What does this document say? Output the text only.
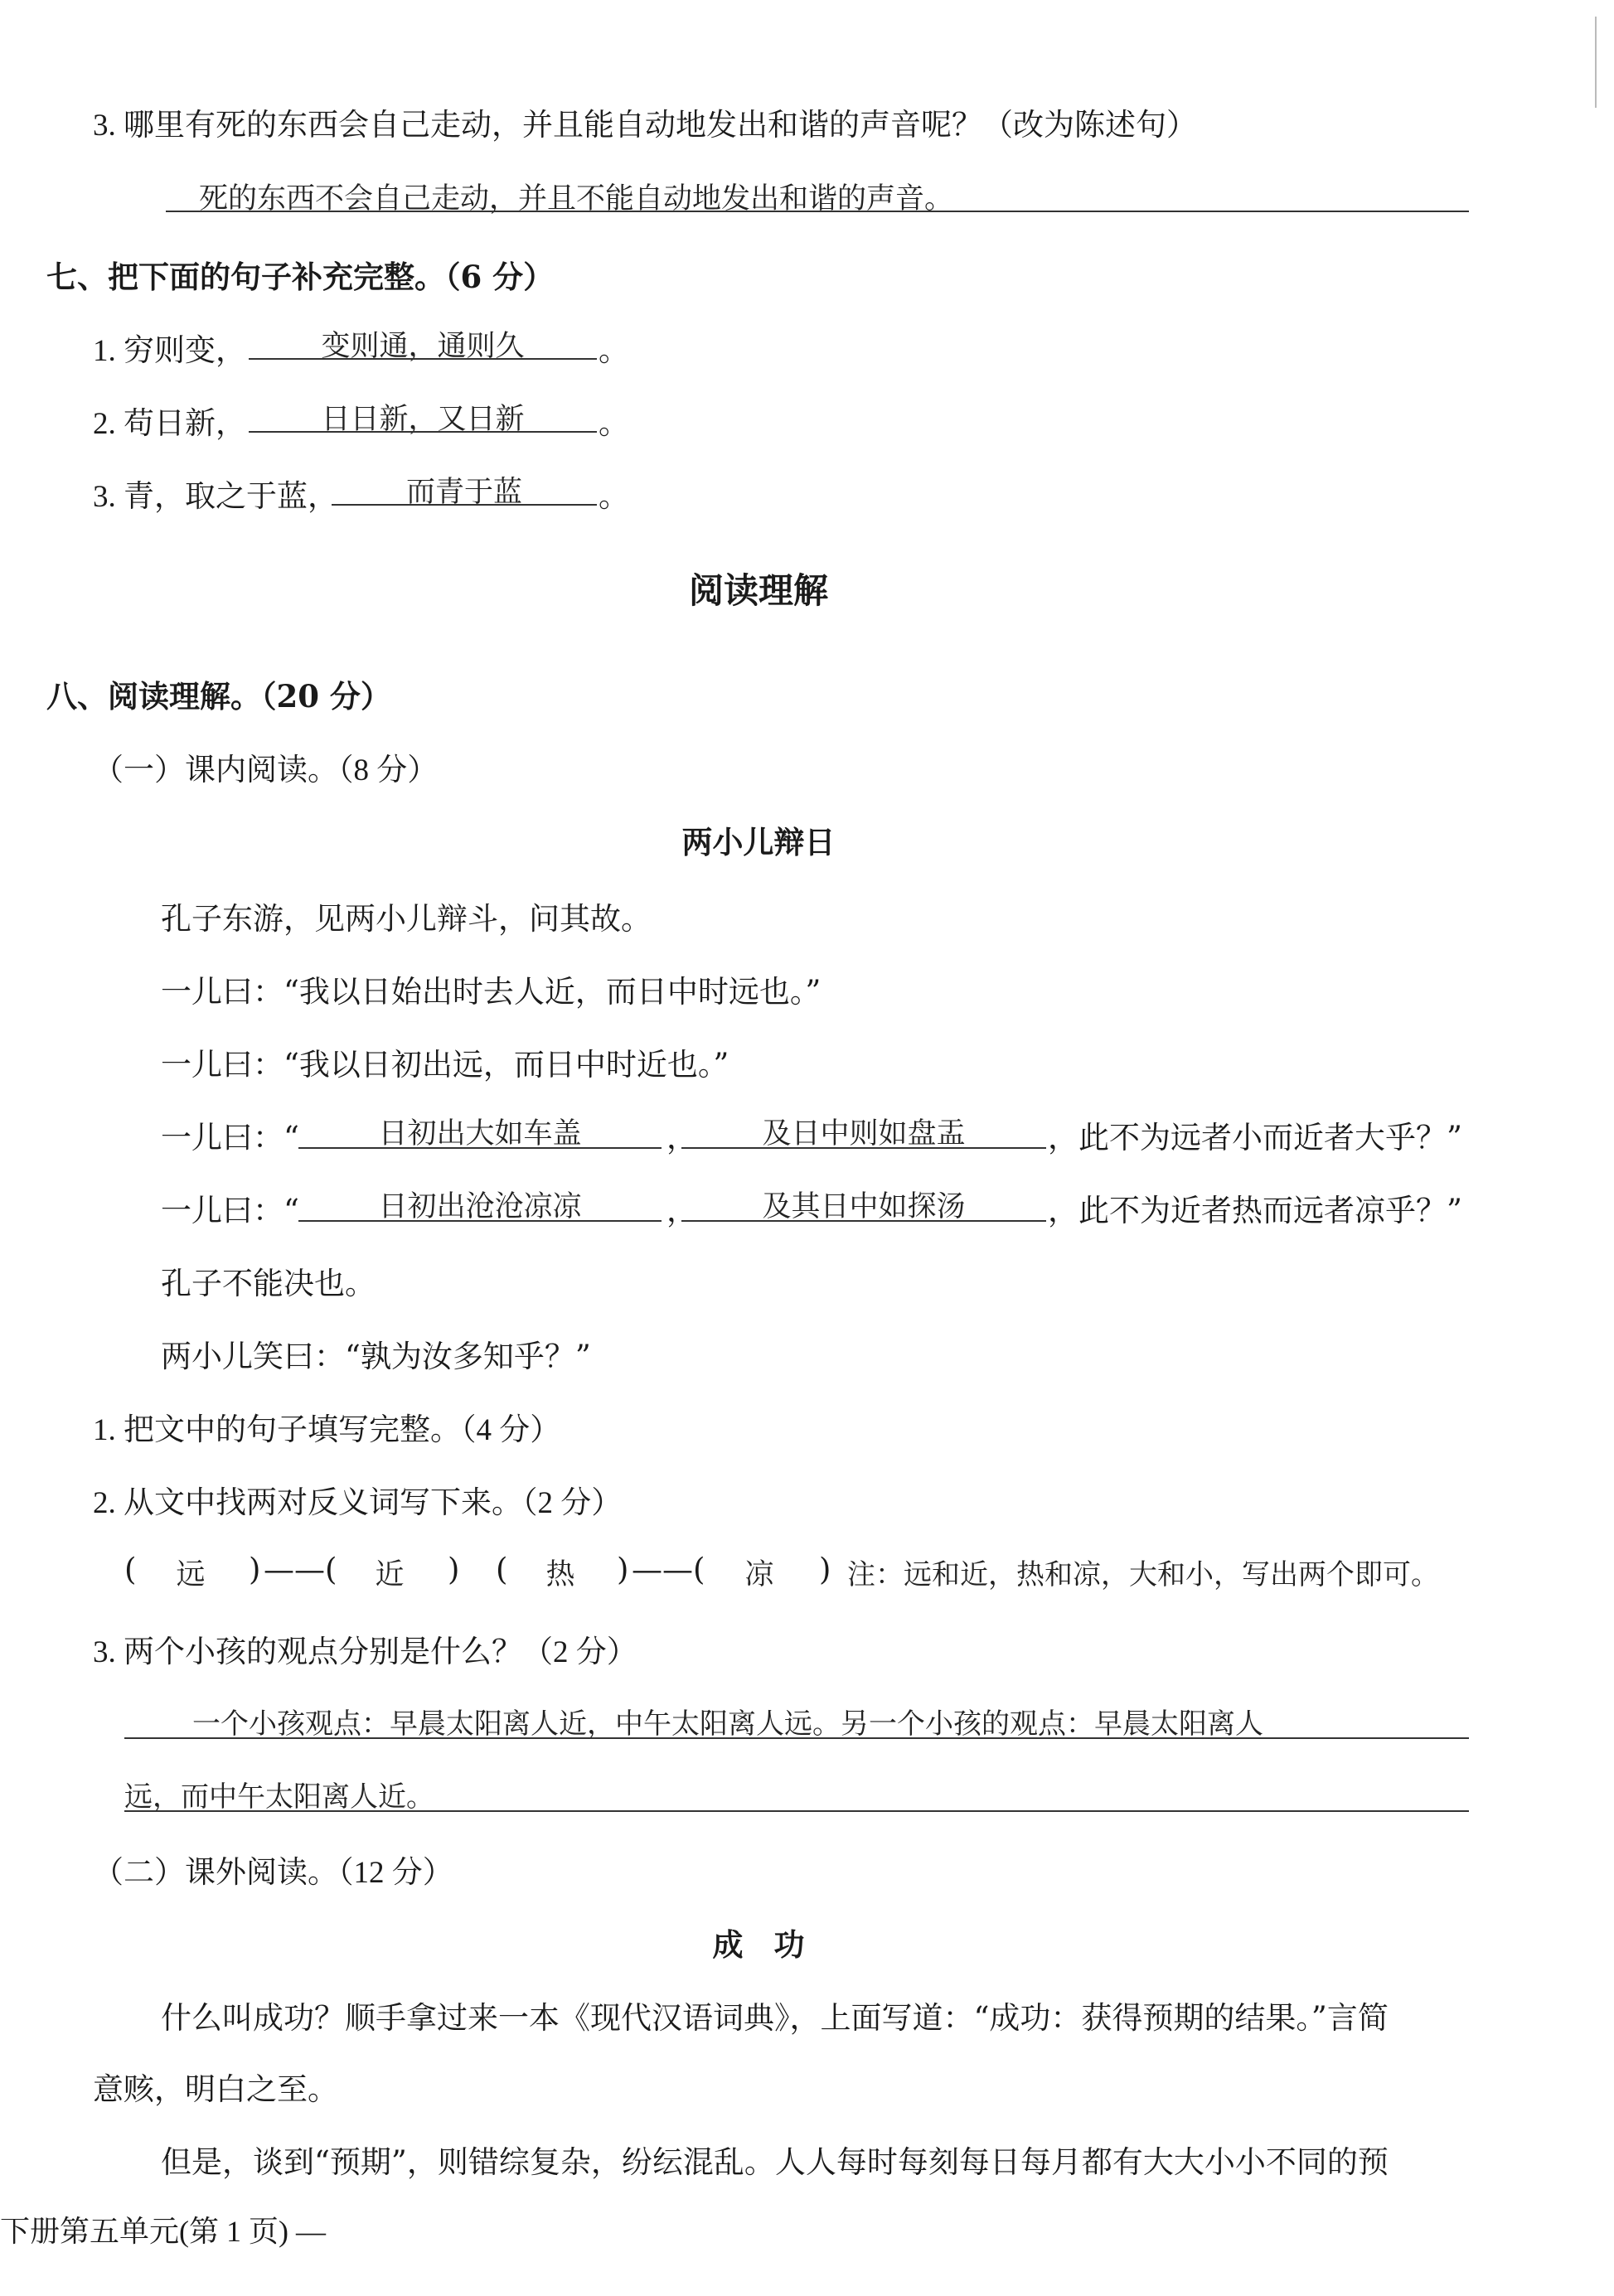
3. 哪里有死的东西会自己走动，并且能自动地发出和谐的声音呢？（改为陈述句）
死的东西不会自己走动，并且不能自动地发出和谐的声音。
七、把下面的句子补充完整。（6 分）
1. 穷则变，	变则通，通则久	。
2. 苟日新，	日日新，又日新	。
3. 青，取之于蓝，	而青于蓝	。
阅读理解
八、阅读理解。（20 分）
（一）课内阅读。（8 分）
两小儿辩日
孔子东游，见两小儿辩斗，问其故。
一儿曰：“我以日始出时去人近，而日中时远也。”
一儿曰：“我以日初出远，而日中时近也。”
一儿曰：“	日初出大如车盖	，	及日中则如盘盂	，此不为远者小而近者大乎？”
一儿曰：“	日初出沧沧凉凉	，	及其日中如探汤	，此不为近者热而远者凉乎？”
孔子不能决也。
两小儿笑曰：“孰为汝多知乎？”
1. 把文中的句子填写完整。（4 分）
2. 从文中找两对反义词写下来。（2 分）
(	远	) —— (	近	) (	热	) —— (	凉	) 注：远和近，热和凉，大和小，写出两个即可。
3. 两个小孩的观点分别是什么？（2 分）
一个小孩观点：早晨太阳离人近，中午太阳离人远。另一个小孩的观点：早晨太阳离人
远，而中午太阳离人近。
（二）课外阅读。（12 分）
成　功
什么叫成功？顺手拿过来一本《现代汉语词典》，上面写道：“成功：获得预期的结果。”言简
意赅，明白之至。
但是，谈到“预期”，则错综复杂，纷纭混乱。人人每时每刻每日每月都有大大小小不同的预
下册第五单元(第 1 页) —
